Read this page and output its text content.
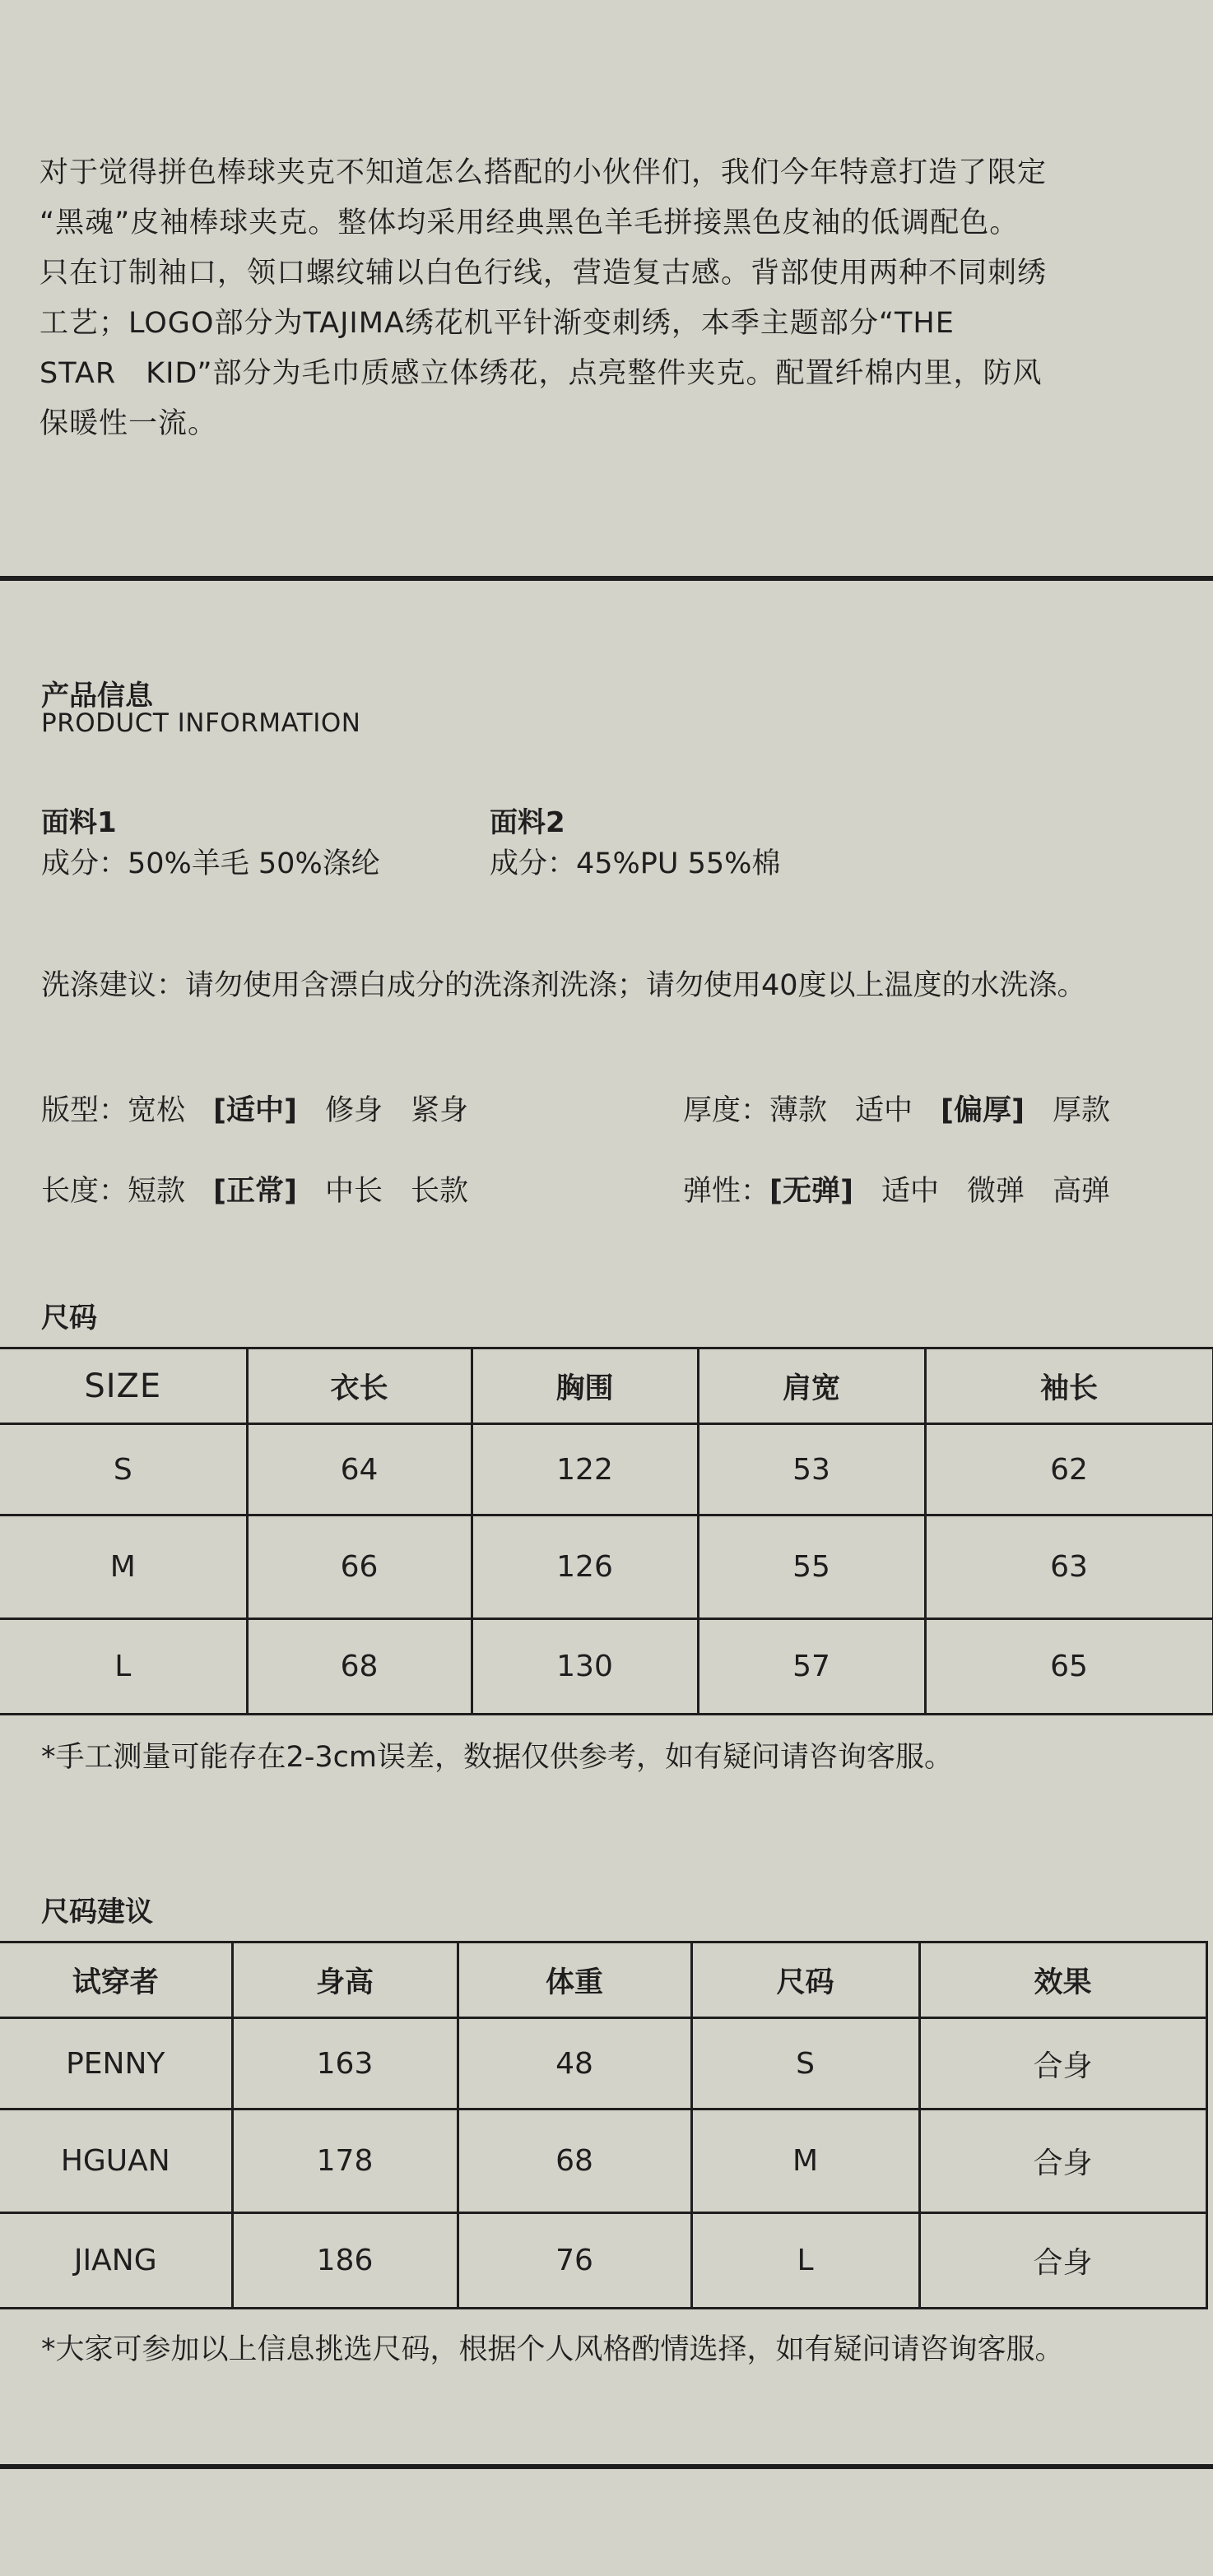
对于觉得拼色棒球夹克不知道怎么搭配的小伙伴们，我们今年特意打造了限定

“黑魂”皮袖棒球夹克。整体均采用经典黑色羊毛拼接黑色皮袖的低调配色。

只在订制袖口，领口螺纹辅以白色行线，营造复古感。背部使用两种不同刺绣

工艺；LOGO部分为TAJIMA绣花机平针渐变刺绣，本季主题部分“THE

STAR　KID”部分为毛巾质感立体绣花，点亮整件夹克。配置纤棉内里，防风

保暖性一流。

产品信息
PRODUCT INFORMATION
面料1
成分：50%羊毛 50%涤纶
面料2
成分：45%PU 55%棉
洗涤建议：请勿使用含漂白成分的洗涤剂洗涤；请勿使用40度以上温度的水洗涤。
版型：宽松 [适中] 修身 紧身	厚度：薄款 适中 [偏厚] 厚款
长度：短款 [正常] 中长 长款	弹性：[无弹] 适中 微弹 高弹
尺码
SIZE	衣长	胸围	肩宽	袖长
S	64	122	53	62
M	66	126	55	63
L	68	130	57	65
*手工测量可能存在2-3cm误差，数据仅供参考，如有疑问请咨询客服。
尺码建议
试穿者	身高	体重	尺码	效果
PENNY	163	48	S	合身
HGUAN	178	68	M	合身
JIANG	186	76	L	合身
*大家可参加以上信息挑选尺码，根据个人风格酌情选择，如有疑问请咨询客服。
